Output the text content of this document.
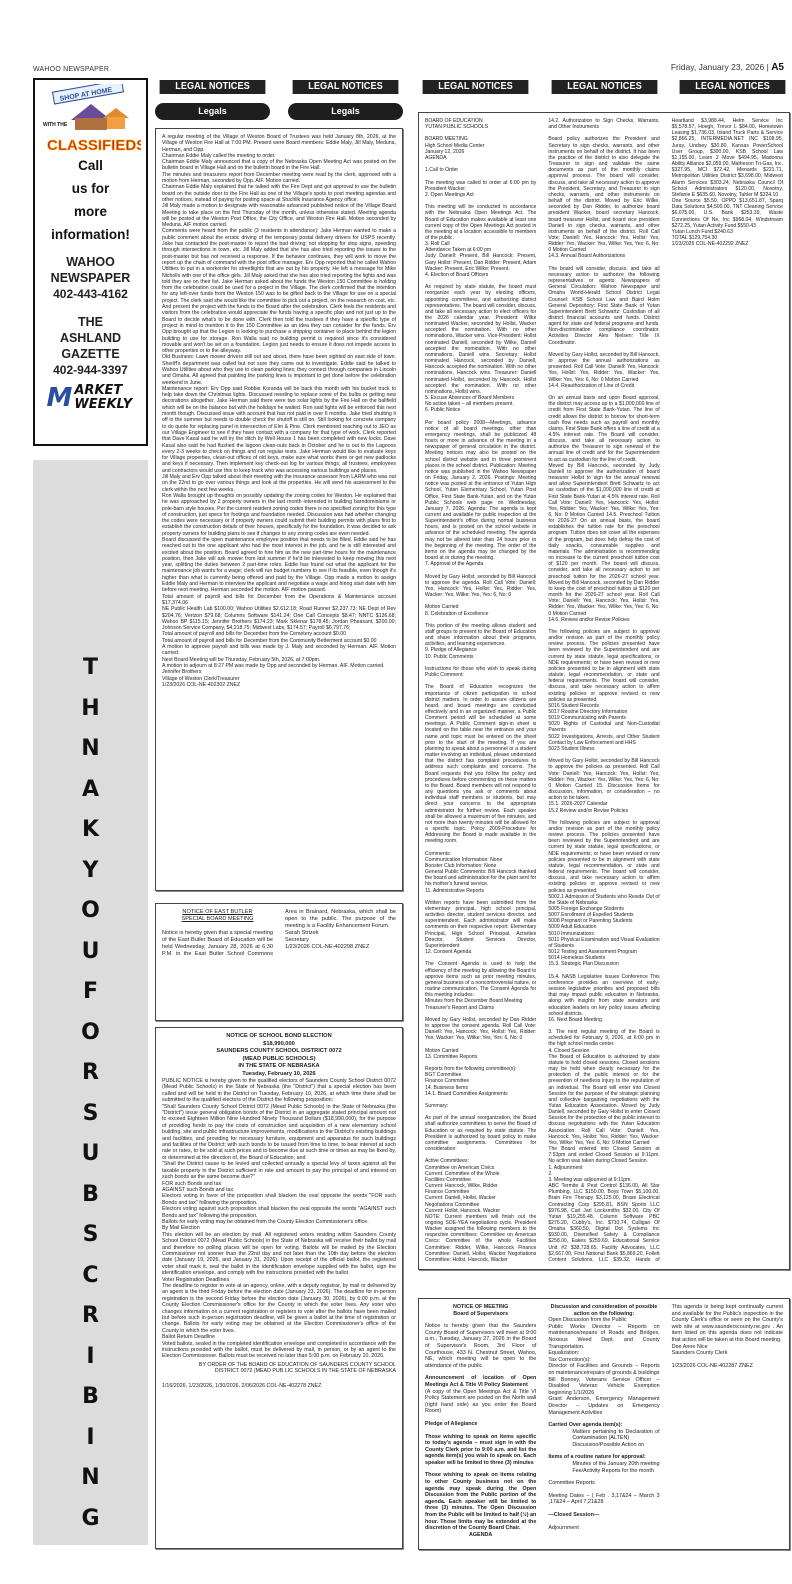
WAHOO NEWSPAPER	Friday, January 23, 2026 | A5
LEGAL NOTICES	LEGAL NOTICES	LEGAL NOTICES	LEGAL NOTICES	LEGAL NOTICES
Legals	Legals
SHOP AT HOME
WITH THE
CLASSIFIEDS
Call
us for
more
information!
WAHOO
NEWSPAPER
402-443-4162
THE
ASHLAND
GAZETTE
402-944-3397
MARKET WEEKLY
T
H
N
A
K
Y
O
U
F
O
R
S
U
B
S
C
R
I
B
I
N
G

A regular meeting of the Village of Weston Board of Trustees was held January 8th, 2026, at the Village of Weston Fire Hall at 7:00 PM. Present were Board members: Eddie Maly, Jill Maly, Meduna, Herman, and Opp.

Chairman Eddie Maly called the meeting to order.

Chairman Eddie Maly announced that a copy of the Nebraska Open Meeting Act was posted on the bulletin board in Village Hall and on the bulletin board in the Fire Hall.

The minutes and treasurers report from December meeting were read by the clerk, approved with a motion from Herman, seconded by Opp. AIF. Motion carried.

Chairman Eddie Maly explained that he talked with the Fire Dept and got approval to use the bulletin board on the outside door to the Fire Hall as one of the Village's spots to post meeting agendas and other notices, instead of paying for posting space at Stuchlik Insurance Agency office.

Jill Maly made a motion to designate with reasonable advanced published notice of the Village Board Meeting to take place on the first Thursday of the month, unless otherwise stated. Meeting agenda will be posted at the Weston Post Office, the City Office, and Weston Fire Hall. Motion seconded by Meduna. AIF motion carried.

Comments were heard from the public (3 residents in attendance): Jake Herman wanted to make a public comment about the erratic driving of the temporary postal delivery drivers for USPS recently. Jake has contacted the post-master to report the bad driving; not stopping for stop signs, speeding through intersections in town, etc. Jill Maly added that she has also tried reporting the issues to the post-master but has not received a response. If the behavior continues, they will work to move the report up the chain of command with the post office manager. Erv Opp reported that he called Wahoo Utilities to put in a workorder for streetlights that are out by his property. He left a message for Mike Nicholls with one of the office girls. Jill Maly asked that she has also tried reporting the lights and was told they are on their list. Jake Herman asked about the funds the Weston 150 Committee is holding from the celebration could be used for a project in the Village. The clerk confirmed that the intention for any left-over funds from the Weston 150 was to be gifted back to the Village for use on a special project. The clerk said she would like the committee to pick out a project, on the research on cost, etc. And present the project with the funds to the Board after the celebration. Clerk feels the residents and visitors from the celebration would appreciate the funds having a specific plan and not just up to the Board to decide what's to be done with. Clerk then told the trustees if they have a specific type of project in mind to mention it to the 150 Committee as an idea they can consider for the funds. Erv Opp brought up that the Legion is looking to purchase a shipping container to place behind the legion building to use for storage. Ron Walla said no building permit is required since it's considered movable and won't be set on a foundation. Legion just needs to ensure it does not impede access to other properties or to the alleyway.

Old Business: Lawn mower drivers still out and about, there have been sighted on east side of town. Sheriff's department was called but not sure they came out to investigate. Eddie said he talked to Wahoo Utilities about who they use to clean parking lines; they connect through companies in Lincoln and Omaha. All agreed that painting the parking lines is important to get done before the celebration weekend in June.

Maintenance report: Erv Opp said Robbie Koranda will be back this month with his bucket truck to help take down the Christmas lights. Discussed needing to replace some of the bulbs or getting new decorations altogether. Jake Herman said there were two solar lights by the Fire Hall on the ballfield which will be on the balance but with the holidays he waited. Ron said lights will be enforced this next month though. Discussed issue with account that has not paid in over 6 months. Jake tried shutting it off in the summer but needs to double check the shutoff is still on. Still looking for concrete company to do quote for replacing panel in intersection of Elm & Pine. Clerk mentioned reaching out to JEO as our Village Engineer to see if they have contact with a company for that type of work. Clerk reported that Dave Kasal said he will try the ditch by Well House 1 has been completed with new locks. Dave Kasal also said he had flushed the lagoon clean-outs back in October and he is out to the Lagoons every 2-3 weeks to check on things and run regular tests. Jake Herman would like to evaluate keys for Village properties, clean-out offices of old keys, make sure what works there or get new padlocks and keys if necessary. Then implement key check-out log for various things; all trustees, employees and contractors would use this to keep track who was accessing various buildings and places.

Jill Maly and Erv Opp talked about their meeting with the insurance assessor from LARM who was out on the 22nd to go over various things and look at the properties. He will send his assessment to the clerk within the next few weeks.

Ron Walla brought up thoughts on possibly updating the zoning codes for Weston. He explained that he was approached by 2 property owners in the last month interested in building barndominiums or pole-barn style houses. Per the current resident zoning codes there is no specified zoning for this type of construction, just specs for footings and foundation needed. Discussion was had whether changing the codes were necessary or if property owners could submit their building permits with plans first to establish the construction details of their houses, specifically for the foundation. It was decided to ask property owners for building plans to see if changes to any zoning codes are even needed.

Board discussed the open maintenance employee position that needs to be filled. Eddie said he has reached out to the one applicant who had the most interest in the job, and he is still interested and excited about the position. Board agreed to hire him as the new part-time hours for the maintenance position, then Jake will ask mower from last summer if he'd be interested to keep mowing this next year, splitting the duties between 2 part-time roles. Eddie has found out what the applicant for the maintenance job wants for a wage; clerk will run budget numbers to see if its feasible, even though it's higher than what is currently being offered and paid by the Village. Opp made a motion to assign Eddie Maly and Herman to interview the applicant and negotiate a wage and hiring start date with him before next meeting. Herman seconded the motion. AIF motion passed.

Total amount of payroll and bills for December from the Operations & Maintenance account $17,374.06

NE Public Health Lab $100.00; Wahoo Utilities $2,612.18; Road Runner $2,237.73; NE Dept of Rev $204.76; Verizon $79.68; Columns Software $141.24; One Call Concepts $8.47; NNTC $136.68; Wahoo BP $115.15; Jennifer Brothers $174.23; Mark Sklenar $178.45; Jordan Pheasant, $200.00; Johnson Service Company, $4,218.75; Midwest Labs, $174.57; Payroll $6,797.76;

Total amount of payroll and bills for December from the Cemetery account $0.00

Total amount of payroll and bills for December from the Community Betterment account $0.00

A motion to approve payroll and bills was made by J. Maly and seconded by Herman. AIF. Motion carried.

Next Board Meeting will be Thursday, February 5th, 2026, at 7:00pm.

A motion to adjourn at 8:27 PM was made by Opp and seconded by Herman. AIF. Motion carried.

Jennifer Brothers

Village of Weston Clerk/Treasurer

1/23/2026 COL-NE-402302 ZNEZ

NOTICE OF EAST BUTLER

SPECIAL BOARD MEETING

Notice is hereby given that a special meeting of the East Butler Board of Education will be held Wednesday, January 28, 2026 at 6:30 P.M. in the East Butler School Commons Area in Brainard, Nebraska, which shall be open to the public. The purpose of the meeting is a Facility Enhancement Forum.

Sarah Strizek

Secretary

1/23/2026 COL-NE-402298 ZNEZ

NOTICE OF SCHOOL BOND ELECTION

$18,990,000

SAUNDERS COUNTY SCHOOL DISTRICT 0072

(MEAD PUBLIC SCHOOLS)

IN THE STATE OF NEBRASKA

Tuesday, February 10, 2026

PUBLIC NOTICE is hereby given to the qualified electors of Saunders County School District 0072 (Mead Public Schools) in the State of Nebraska (the "District") that a special election has been called and will be held in the District on Tuesday, February 10, 2026, at which time there shall be submitted to the qualified electors of the District the following proposition:

"Shall Saunders County School District 0072 (Mead Public Schools) in the State of Nebraska (the "District") issue general obligation bonds of the District in an aggregate stated principal amount not to exceed Eighteen Million Nine Hundred Ninety Thousand Dollars ($18,990,000), for the purpose of providing funds to pay the costs of construction and acquisition of a new elementary school building, site and public infrastructure improvements, modifications to the District's existing buildings and facilities, and providing for necessary furniture, equipment and apparatus for such buildings and facilities of the District; with such bonds to be issued from time to time, to bear interest at such rate or rates, to be sold at such prices and to become due at such time or times as may be fixed by, or determined at the direction of, the Board of Education; and

"Shall the District cause to be levied and collected annually a special levy of taxes against all the taxable property in the District sufficient in rate and amount to pay the principal of and interest on such bonds as the same become due?"

FOR such Bonds and tax

AGAINST such Bonds and tax

Electors voting in favor of the proposition shall blacken the oval opposite the words "FOR such Bonds and tax" following the proposition.

Electors voting against such proposition shall blacken the oval opposite the words "AGAINST such Bonds and tax" following the proposition.

Ballots for early voting may be obtained from the County Election Commissioner's office.

By Mail Election

This election will be an election by mail. All registered voters residing within Saunders County School District 0072 (Mead Public Schools) in the State of Nebraska will receive their ballot by mail and therefore no polling places will be open for voting. Ballots will be mailed by the Election Commissioner not sooner than the 22nd day and not later than the 10th day before the election date (January 19, 2026, and January 31, 2026). Upon receipt of the official ballot, the registered voter shall mark it, seal the ballot in the identification envelope supplied with the ballot, sign the identification envelope, and comply with the instructions provided with the ballot.

Voter Registration Deadlines

The deadline to register to vote at an agency, online, with a deputy registrar, by mail or delivered by an agent is the third Friday before the election date (January 23, 2026). The deadline for in-person registration is the second Friday before the election date (January 30, 2026), by 6:00 p.m. at the County Election Commissioner's office for the County in which the voter lives. Any voter who changes information on a current registration or registers to vote after the ballots have been mailed but before such in-person registration deadline, will be given a ballot at the time of registration or change. Ballots for early voting may be obtained at the Election Commissioner's office of the County in which the voter lives.

Ballot Return Deadline

Voted ballots, sealed in the completed identification envelope and completed in accordance with the instructions provided with the ballot, must be delivered by mail, in person, or by an agent to the Election Commissioner. Ballots must be received no later than 5:00 p.m. on February 10, 2026.

BY ORDER OF THE BOARD OF EDUCATION OF SAUNDERS COUNTY SCHOOL DISTRICT 0072 (MEAD PUB LIC SCHOOLS IN THE STATE OF NEBRASKA

1/16/2026, 1/23/2026, 1/30/2026, 2/06/2026 COL-NE-402278 ZNEZ

BOARD OF EDUCATION

YUTAN PUBLIC SCHOOLS

BOARD MEETING

High School Media Center

January 12, 2026

AGENDA

1.Call to Order

The meeting was called to order at 6:00 pm by President Wacker.

2. Open Meetings Act

This meeting will be conducted in accordance with the Nebraska Open Meetings Act. The Board of Education makes available at least one current copy of the Open Meetings Act posted in the meeting at a location accessible to members of the public.

3. Roll Call

Attendance Taken at 6:00 pm

Judy Daniell: Present, Bill Hancock: Present, Gary Hollst: Present, Dan Ridder: Present, Adam Wacker: Present, Eric Wilke: Present.

4. Election of Board Officers

As required by state statute, the board must reorganize each year by electing officers, appointing committees, and authorizing district representatives. The board will consider, discuss, and take all necessary action to elect officers for the 2026 calendar year. President: Wilke nominated Wacker, seconded by Hollst, Wacker accepted the nomination. With no other nominations, Wacker wins. Vice-President: Hollst nominated Daniell, seconded by Wilke, Daniell accepted the nomination. With no other nominations, Daniell wins. Secretary: Hollst nominated Hancock, seconded by Daniell, Hancock accepted the nomination. With no other nominations, Hancock wins. Treasurer: Daniell nominated Hollst, seconded by Hancock. Hollst accepted the nomination. With no other nominations, Hollst wins.

5. Excuse Absences of Board Members

No action taken – all members present.

6. Public Notice

Per board policy 2008—Meetings, advance notice of all board meetings, other than emergency meetings, shall be publicized 48 hours or more in advance of the meeting in a newspaper of general circulation in the district. Meeting notices may also be posted on the school district website and in three prominent places in the school district. Publication: Meeting notice was published in the Wahoo Newspaper on Friday, January 2, 2026. Postings: Meeting notice was posted at the entrance of Yutan High School, Yutan Elementary School, Yutan Post Office, First State Bank-Yutan, and on the Yutan Public Schools web page on Wednesday, January 7, 2026. Agenda: The agenda is kept current and available for public inspection at the Superintendent's office during normal business hours, and is posted on the school website in advance of the scheduled meeting. The agenda may not be altered later than 24 hours prior to the beginning of the meeting. The order of the items on the agenda may be changed by the board at or during the meeting.

7. Approval of the Agenda

Moved by Gary Hollst, seconded by Bill Hancock to approve the agenda. Roll Call Vote: Daniell: Yes, Hancock: Yes, Hollst: Yes, Ridder: Yes, Wacker: Yes, Wilke: Yes, Yes: 6, No: 0

Motion Carried

8. Celebration of Excellence

This portion of the meeting allows student and staff groups to present to the Board of Education and share information about their programs, activities, and learning experiences.

9. Pledge of Allegiance

10. Public Comments

Instructions for those who wish to speak during Public Comment:

The Board of Education recognizes the importance of citizen participation in school district matters. In order to assure citizens are heard, and board meetings are conducted effectively and in an organized manner, a Public Comment period will be scheduled at some meetings. A Public Comment sign-in sheet is located on the table near the entrance and your name and topic must be entered on the sheet prior to the start of the meeting. If you are planning to speak about a personnel or a student matter involving an individual, please understand that the district has complaint procedures to address such complaints and concerns. The Board requests that you follow the policy and procedures before commenting on these matters to the Board. Board members will not respond to any questions you ask or comments about individual staff members or students, but may direct your concerns to the appropriate administrator for further review. Each speaker shall be allowed a maximum of five minutes, and not more than twenty minutes will be allowed for a specific topic. Policy 2009-Procedure for Addressing the Board is made available in the meeting room.

Comments:

Communication Information: None

Booster Club Information: None

General Public Comments: Bill Hancock thanked the board and administration for the plant sent for his mother's funeral service.

11. Administrative Reports

Written reports have been submitted from the elementary principal, high school principal, activities director, student services director, and superintendent. Each administrator will make comments on their respective report: Elementary Principal, High School Principal, Activities Director, Student Services Director, Superintendent

12. Consent Agenda

The Consent Agenda is used to help the efficiency of the meeting by allowing the Board to approve items such as prior meeting minutes, general business of a noncontroversial nature, or routine communication. The Consent Agenda for this meeting includes:

Minutes from the December Board Meeting

Treasurer's Report and Claims

Moved by Gary Hollst, seconded by Dan Ridder to approve the consent agenda. Roll Call Vote: Daniell: Yes, Hancock: Yes, Hollst: Yes, Ridder: Yes, Wacker: Yes, Wilke: Yes, Yes: 6, No: 0

Motion Carried

13. Committee Reports

Reports from the following committee(s):

BGT Committee

Finance Committee

14. Business Items

14.1. Board Committee Assignments

Summary:

As part of the annual reorganization, the Board shall authorize committees to serve the Board of Education or as required by state statute. The President is authorized by board policy to make committee assignments. Committees for consideration:

Active Committees:

Committee on American Civics

Current: Committee of the Whole

Facilities Committee

Current: Hancock, Wilke, Ridder

Finance Committee

Current: Daniell, Hollst, Wacker

Negotiations Committee

Current: Hollst, Hancock, Wacker

NOTE: Current members will finish out the ongoing SOE-YEA negotiations cycle. President Wacker assigned the following members to the respective committees: Committee on American Civics: Committee of the whole Facilities Committee: Ridder, Wilke, Hancock Finance Committee: Daniell, Hollst, Wacker Negotiations Committee: Hollst, Hancock, Wacker

14.2. Authorization to Sign Checks, Warrants, and Other Instruments

Board policy authorizes the President and Secretary to sign checks, warrants, and other instruments on behalf of the district. It has been the practice of the district to also delegate the Treasurer to sign and validate the same documents as part of the monthly claims approval process. The board will consider, discuss, and take all necessary action to approve the President, Secretary, and Treasurer to sign checks, warrants, and other instruments on behalf of the district. Moved by Eric Wilke, seconded by Dan Ridder, to authorize board president Wacker, board secretary Hancock, board treasurer Hollst, and board vice president Daniell to sign checks, warrants, and other instruments on behalf of the district. Roll Call Vote: Daniell: Yes, Hancock: Yes, Hollst: Yes, Ridder: Yes, Wacker: Yes, Wilke: Yes, Yes: 6, No: 0 Motion Carried

14.3. Annual Board Authorizations

The board will consider, discuss, and take all necessary action to authorize the following representatives or agents: Newspapers of General Circulation: Wahoo Newspaper and Omaha World-Herald School District Legal Counsel: KSB School Law and Baird Holm General Depository: First State Bank of Yutan Superintendent Brett Schwartz: Custodian of all district financial accounts and funds. District agent for state and federal programs and funds. Non-discrimination compliance coordinator. Activities Director Alex Nielsen: Title IX Coordinator.

Moved by Gary Hollst, seconded by Bill Hancock, to approve the annual authorizations as presented. Roll Call Vote: Daniell: Yes, Hancock: Yes, Hollst: Yes, Ridder: Yes, Wacker: Yes, Wilke: Yes, Yes: 6, No: 0 Motion Carried

14.4. Reauthorization of Line of Credit

On an annual basis and upon Board approval, the district may access up to a $1,000,000 line of credit from First State Bank-Yutan. The line of credit allows the district to borrow for short-term cash flow needs such as payroll and monthly claims. First State Bank offers a line of credit at a 4.5% interest rate. The Board will consider, discuss, and take all necessary action to authorize the Treasurer to sign renewal of the annual line of credit and for the Superintendent to act as custodian for the line of credit.

Moved by Bill Hancock, seconded by Judy Daniell to approve the authorization of board treasurer Hollst to sign for the annual renewal and allow Superintendent Brett Schwartz to act as custodian of the $1,000,000 line of credit at First State Bank-Yutan at 4.5% interest rate. Roll Call Vote: Daniell: Yes, Hancock: Yes, Hollst: Yes, Ridder: Yes, Wacker: Yes, Wilke: Yes, Yes: 6, No: 0 Motion Carried 14.5. Preschool Tuition for 2026-27 On an annual basis, the board establishes the tuition rate for the preschool program. Tuition does not cover all the expenses of the program, but does help defray the cost of daily snacks, consumable supplies and materials. The administration is recommending no increase to the current preschool tuition cost of $120 per month. The board will discuss, consider, and take all necessary action to set preschool tuition for the 2026-27 school year. Moved by Bill Hancock, seconded by Dan Ridder to keep the cost of preschool tuition at $120 per month for the 2026-27 school year. Roll Call Vote: Daniell: Yes, Hancock: Yes, Hollst: Yes, Ridder: Yes, Wacker: Yes, Wilke: Yes, Yes: 6, No: 0 Motion Carried

14.6. Review and/or Revise Policies

The following policies are subject to approval and/or revision as part of the monthly policy review process. The policies presented have been reviewed by the Superintendent and are current by state statute, legal specifications, or NDE requirements; or have been revised or new policies presented to be in alignment with state statute, legal recommendation, or state and federal requirements. The board will consider, discuss, and take necessary action to affirm existing policies or approve revised or new policies as presented.

5016 Student Records

5017 Routine Directory Information

5019 Communicating with Parents

5020 Rights of Custodial and Non-Custodial Parents

5022 Investigations, Arrests, and Other Student Contact by Law Enforcement and HHS

5023 Student Illness

Moved by Gary Hollst, seconded by Bill Hancock to approve the policies as presented. Roll Call Vote: Daniell: Yes, Hancock: Yes, Hollst: Yes, Ridder: Yes, Wacker: Yes, Wilke: Yes, Yes: 6, No: 0 Motion Carried 15. Discussion Items for discussion, information, or consideration – no action to be taken.

15.1. 2026-2027 Calendar

15.2 Review and/or Revise Policies

The following policies are subject to approval and/or revision as part of the monthly policy review process. The policies presented have been reviewed by the Superintendent and are current by state statute, legal specifications, or NDE requirements; or have been revised or new policies presented to be in alignment with state statute, legal recommendation, or state and federal requirements. The board will consider, discuss, and take necessary action to affirm existing policies or approve revised or new policies as presented.

5002.1 Admission of Students who Reside Out of the State of Nebraska

5005 Foreign Exchange Students

5007 Enrollment of Expelled Students

5008 Pregnant or Parenting Students

5009 Adult Education

5010 Immunizations

5011 Physical Examination and Visual Evaluation of Students

5012 Testing and Assessment Program

5014 Homeless Students

15.3. Strategic Plan Discussion

15.4. NASB Legislative Issues Conference This conference provides an overview of early-session legislative priorities and proposed bills that may impact public education in Nebraska, along with insights from state senators and education leaders on key policy issues affecting school districts.

16. Next Board Meeting

3. The next regular meeting of the Board is scheduled for February 9, 2026, at 6:00 pm in the high school media center.

4. Closed Session

The Board of Education is authorized by state statute to hold closed sessions. Closed sessions may be held when clearly necessary for the protection of the public interest or for the prevention of needless injury to the reputation of an individual. The Board will enter into Closed Session for the purpose of the strategic planning and collective bargaining negotiations with the Yutan Education Association. Moved by Judy Daniell, seconded by Gary Hollst to enter Closed Session for the protection of the public interest to discuss negotiations with the Yutan Education Association. Roll Call Vote: Daniell: Yes, Hancock: Yes, Hollst: Yes, Ridder: Yes, Wacker: Yes, Wilke: Yes, Yes: 6, No: 0 Motion Carried

The Board entered into Closed Session at 7:53pm and exited Closed Session at 9:11pm. No action was taken during Closed Session.

1. Adjournment

2.

3. Meeting was adjourned at 9:11pm.

ABC Termite & Pest Control $136.00, All Star Plumbing, LLC $150.00, Boys Town $5,100.00, Brain Fire Therapy $3,125.00, Brase Electrical Contracting Corp $295.81, BSN Sports LLC $976.98, Carl Jarl Locksmiths $32.00, City Of Yutan $19,255.48, Column Software PBC $276.20, Cubby's, Inc. $710.74, Culligan Of Omaha $360.50, Digital Dot Systems Inc $930.00, Diversified Safety & Compliance $258.00, Eakes $259.69, Educational Service Unit #2 $38,728.65, Facility Advocates, LLC $2,667.00, First National Bank $5,869.20, Follett Content Solutions, LLC $39.32, Hands of Heartland $3,988.44, Helm Service Inc $5,578.57, Hoegh, Trevor L $84.00, Hometown Leasing $1,736.03, Inland Truck Parts & Service $2,866.25, INTERMEDIA.NET INC $108.95, Juray, Lindsey $30.80, Kansas PowerSchool User Group, $300.00, KSB School Law $1,155.00, Learn 2 Move $494.95, Madonna Ability Alliance $2,059.00, Matheson Tri-Gas, Inc. $327.95, MCI $72.42, Menards $221.71, Metropolitan Utilities District $3,698.00, Midwest Alarm Services $303.24, Nebraska Council Of School Administrators $120.00, Novotny, Stefanie E $635.60, Novotny, Tahler M $324.10

One Source $5.50, OPPD $13,651.87, Sparq Data Solutions $4,500.00, TNT Cleaning Service $6,075.00, U.S. Bank $253.39, Waste Connections Of Ne, Inc $968.04, Windstream $272.25, Yutan Activity Fund $550.43

Yutan Lunch Fund $240.63

TOTAL $129,754.30

1/23/2026 COL-NE-402292 ZNEZ

NOTICE OF MEETING

Board of Supervisors

Notice is hereby given that the Saunders County Board of Supervisors will meet at 9:00 a.m., Tuesday, January 27, 2026 in the Board of Supervisor's Room, 3rd Floor of Courthouse, 433 N. Chestnut Street, Wahoo, NE, which meeting will be open to the attendance of the public.

Announcement of location of Open Meetings Act & Title VI Policy Statement

(A copy of the Open Meetings Act & Title VI Policy Statement are posted on the North wall (right hand side) as you enter the Board Room)

Pledge of Allegiance

Those wishing to speak on items specific to today's agenda – must sign in with the County Clerk prior to 9:00 a.m. and list the agenda item(s) you wish to speak on. Each speaker will be limited to three (3) minutes

Those wishing to speak on items relating to other County business not on the agenda may speak during the Open Discussion from the Public portion of the agenda. Each speaker will be limited to three (3) minutes. The Open Discussion from the Public will be limited to half (½) an hour. Those limits may be extended at the discretion of the County Board Chair.

AGENDA

Discussion and consideration of possible action on the following:

Open Discussion from the Public

Public Works Director – Reports on maintenance/repairs of Roads and Bridges, Noxious Weed Dept. and County Transportation.

Equalization:

Tax Correction(s):

Director of Facilities and Grounds – Reports on maintenance/repairs of grounds & buildings

Bill Bonney, Veterans Service Officer – Disabled Veteran Vehicle Exemption beginning 1/1/2026

Grant Anderson, Emergency Management Director – Updates on Emergency Management Activities

Carried Over agenda item(s):

Matters pertaining to Declaration of Contamination (ALTEN)

Discussion/Possible Action on

Items of a routine nature for approval:

Minutes of the January 20th meeting

Fee/Activity Reports for the month

Committee Reports

Meeting Dates – ( Feb . 3,17&24 – March 3 ,17&24 – April 7,21&28

—Closed Session—

Adjournment

This agenda is being kept continually current and available for the Public's inspection in the County Clerk's office or seen on the County's web site at www.saunderscounty.ne.gov . An item listed on this agenda does not indicate that action will be taken at this Board meeting.

Dee Anne Nice

Saunders County Clerk

1/23/2026 COL-NE-402287 ZNEZ
